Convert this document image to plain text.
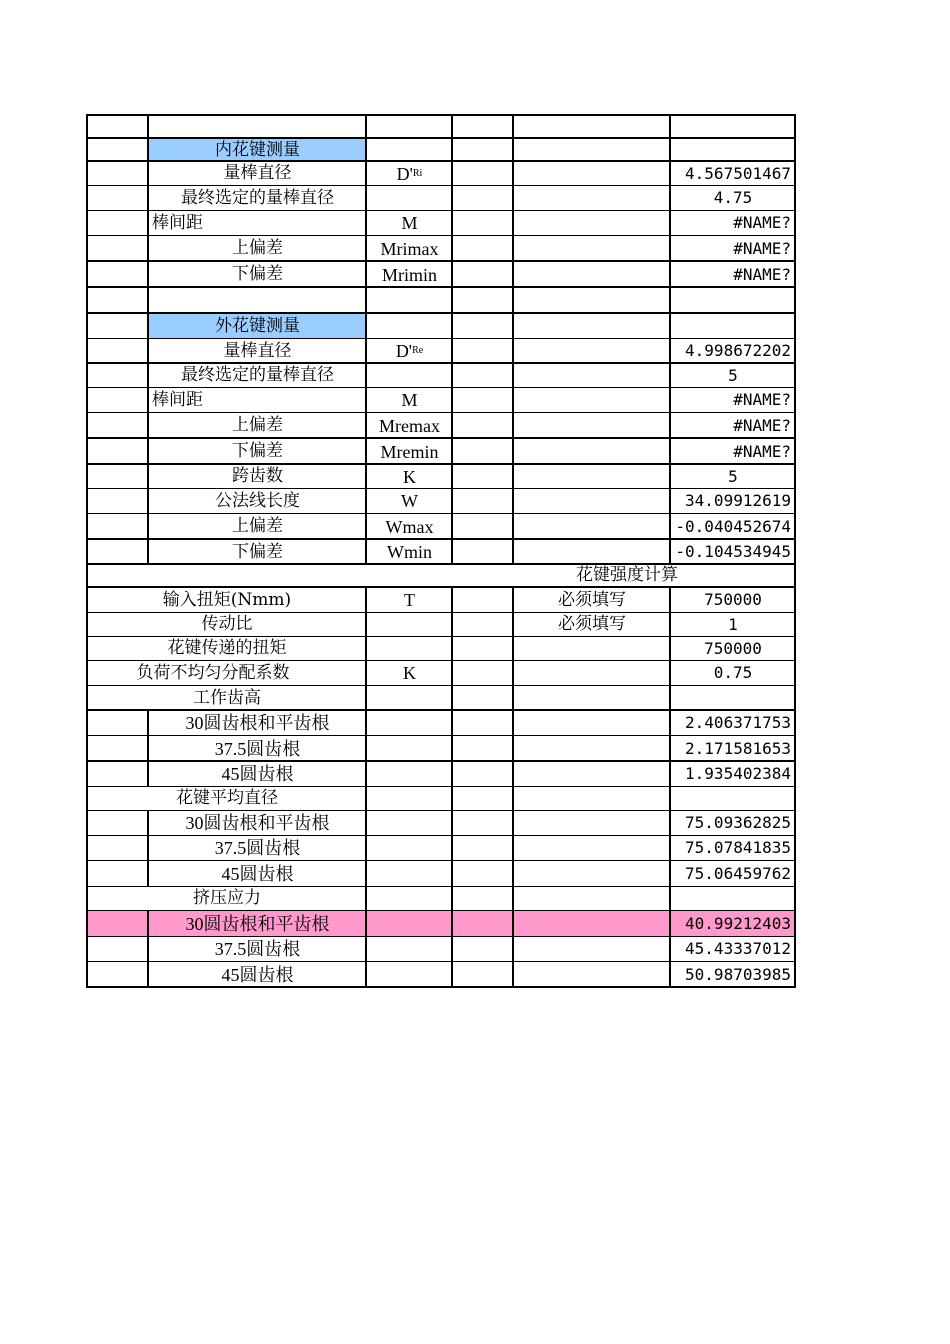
内花键测量
量棒直径	D' Ri	4.567501467
最终选定的量棒直径	4.75
棒间距	M	#NAME?
上偏差	Mrimax	#NAME?
下偏差	Mrimin	#NAME?
外花键测量
量棒直径	D' Re	4.998672202
最终选定的量棒直径	5
棒间距	M	#NAME?
上偏差	Mremax	#NAME?
下偏差	Mremin	#NAME?
跨齿数	K	5
公法线长度	W	34.09912619
上偏差	Wmax	-0.040452674
下偏差	Wmin	-0.104534945
花键强度计算
输入扭矩(Nmm)	T	必须填写	750000
传动比	必须填写	1
花键传递的扭矩	750000
负荷不均匀分配系数	K	0.75
工作齿高
30圆齿根和平齿根	2.406371753
37.5圆齿根	2.171581653
45圆齿根	1.935402384
花键平均直径
30圆齿根和平齿根	75.09362825
37.5圆齿根	75.07841835
45圆齿根	75.06459762
挤压应力
30圆齿根和平齿根	40.99212403
37.5圆齿根	45.43337012
45圆齿根	50.98703985
